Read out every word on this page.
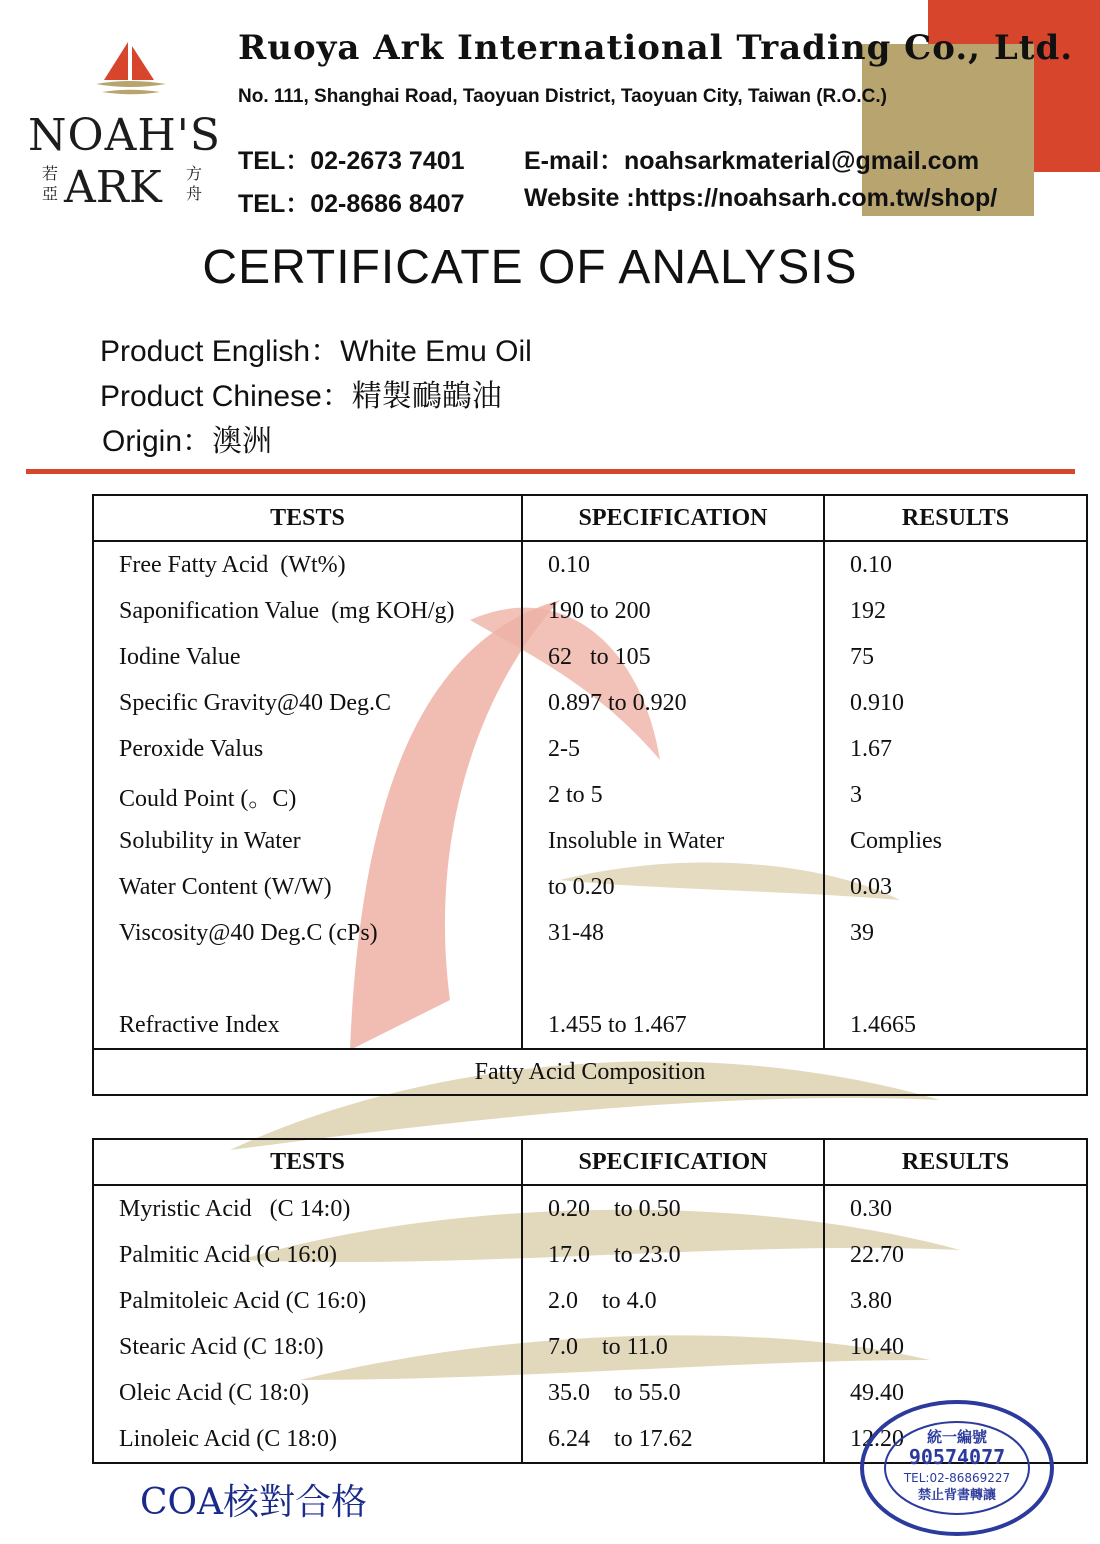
NOAH'S
若亞 ARK 方舟
Ruoya Ark International Trading Co., Ltd.
No. 111, Shanghai Road, Taoyuan District, Taoyuan City, Taiwan (R.O.C.)
TEL：02-2673 7401
TEL：02-8686 8407
E-mail：noahsarkmaterial@gmail.com
Website :https://noahsarh.com.tw/shop/
CERTIFICATE OF ANALYSIS
Product English：White Emu Oil
Product Chinese：精製鴯鶓油
Origin：澳洲
TESTS	SPECIFICATION	RESULTS
Free Fatty Acid  (Wt%)	0.10	0.10
Saponification Value  (mg KOH/g)	190 to 200	192
Iodine Value	62   to 105	75
Specific Gravity@40 Deg.C	0.897 to 0.920	0.910
Peroxide Valus	2-5	1.67
Could Point (。C)	2 to 5	3
Solubility in Water	Insoluble in Water	Complies
Water Content (W/W)	to 0.20	0.03
Viscosity@40 Deg.C (cPs)	31-48	39

Refractive Index	1.455 to 1.467	1.4665
Fatty Acid Composition		
TESTS	SPECIFICATION	RESULTS
Myristic Acid   (C 14:0)	0.20    to 0.50	0.30
Palmitic Acid (C 16:0)	17.0    to 23.0	22.70
Palmitoleic Acid (C 16:0)	2.0    to 4.0	3.80
Stearic Acid (C 18:0)	7.0    to 11.0	10.40
Oleic Acid (C 18:0)	35.0    to 55.0	49.40
Linoleic Acid (C 18:0)	6.24    to 17.62	12.20
COA核對合格
統一編號
90574077
TEL:02-86869227
禁止背書轉讓
